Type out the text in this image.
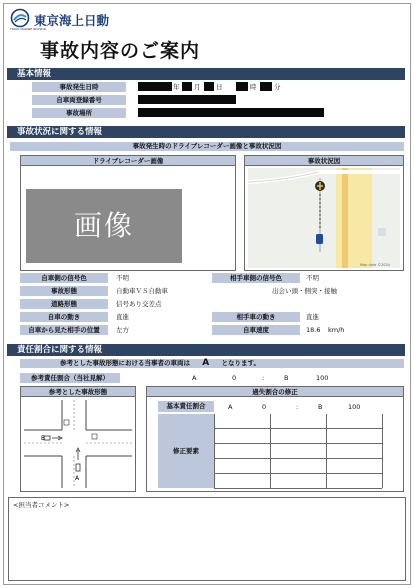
東京海上日動
TOKIO MARINE NICHIDO
事故内容のご案内
基本情報
事故発生日時	年 月 日	時	分
自車両登録番号
事故場所
事故状況に関する情報
事故発生時のドライブレコーダー画像と事故状況図
ドライブレコーダー画像
画像
事故状況図
Map data ©2024
自車側の信号色	不明	相手車側の信号色	不明
事故形態	自動車ＶＳ自動車	出会い頭・側突・接触
道路形態	信号あり交差点
自車の動き	直進	相手車の動き	直進
自車から見た相手の位置	左方	自車速度	18.6 km/h
責任割合に関する情報
参考とした事故形態における当事者の車両は A となります。
参考責任割合（当社見解）	A	0	:	B	100
参考とした事故形態
B
A
過失割合の修正
基本責任割合	A	0	:	B	100
修正要素
<担当者コメント>
